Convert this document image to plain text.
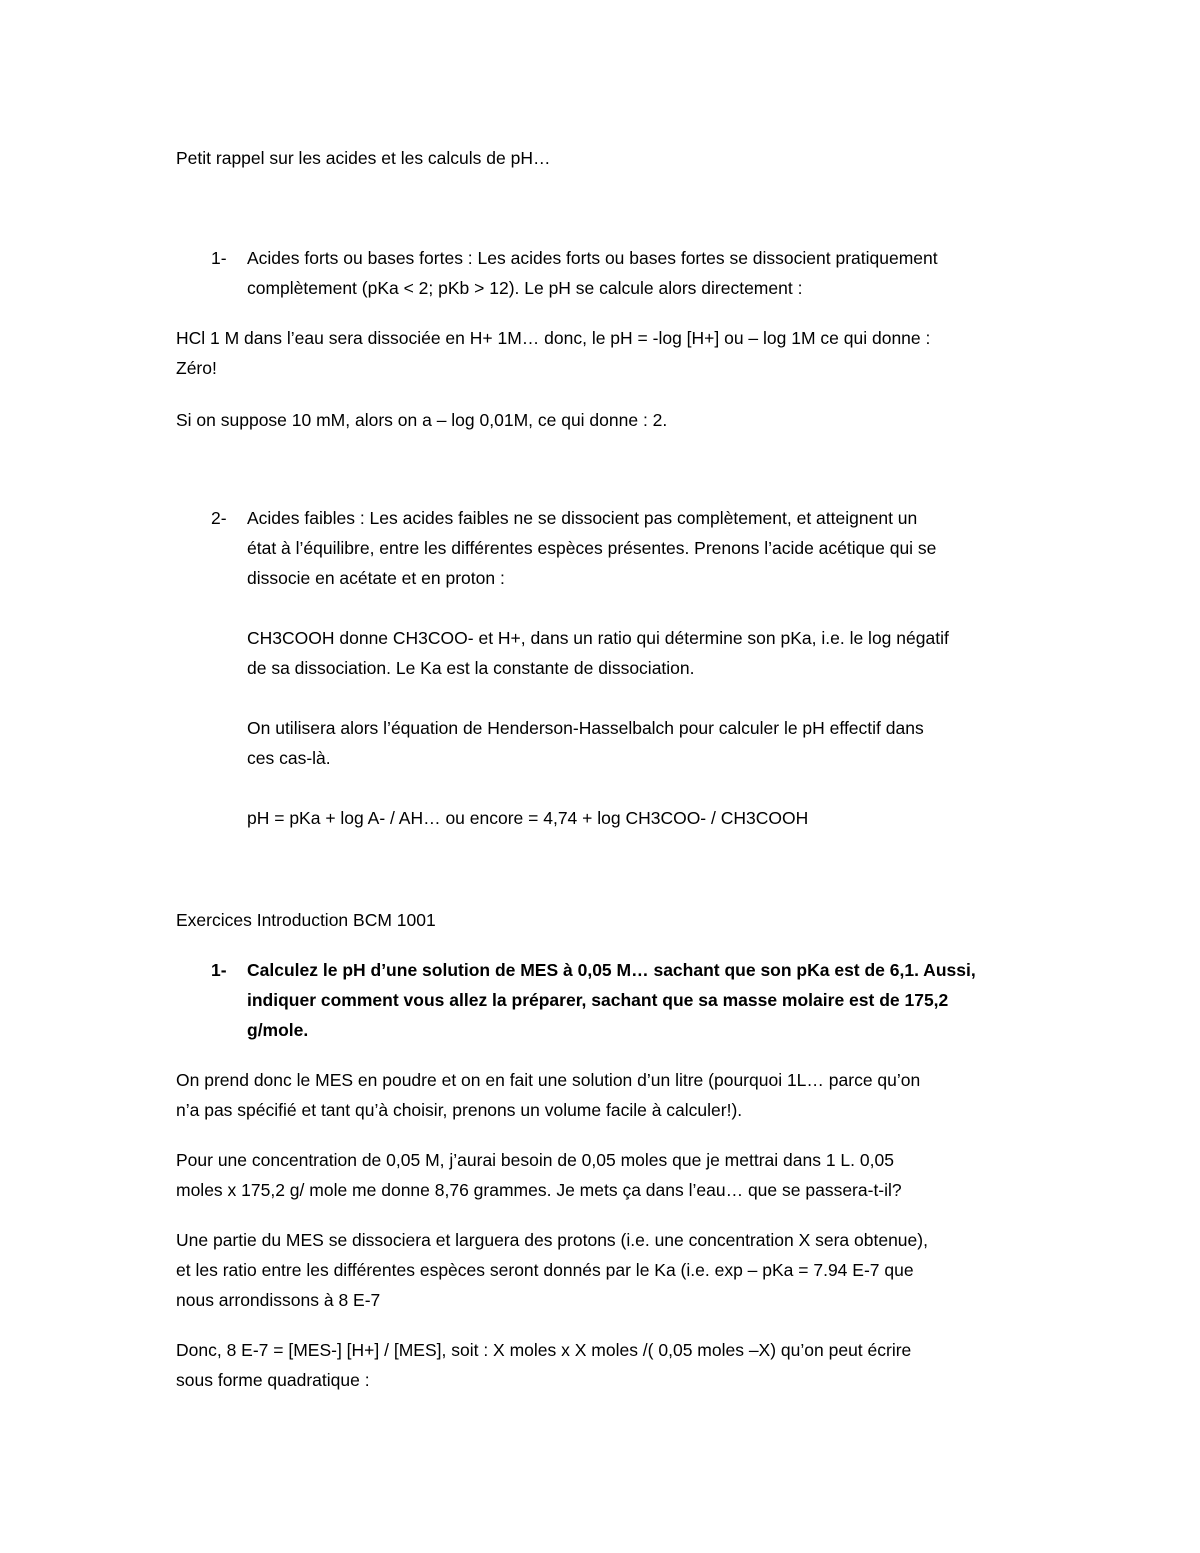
Petit rappel sur les acides et les calculs de pH…
1- Acides forts ou bases fortes : Les acides forts ou bases fortes se dissocient pratiquement
complètement (pKa < 2; pKb > 12). Le pH se calcule alors directement :
HCl 1 M dans l’eau sera dissociée en H+ 1M… donc, le pH = -log [H+] ou – log 1M ce qui donne :
Zéro!
Si on suppose 10 mM, alors on a – log 0,01M, ce qui donne : 2.
2- Acides faibles : Les acides faibles ne se dissocient pas complètement, et atteignent un
état à l’équilibre, entre les différentes espèces présentes. Prenons l’acide acétique qui se
dissocie en acétate et en proton :
CH3COOH donne CH3COO- et H+, dans un ratio qui détermine son pKa, i.e. le log négatif
de sa dissociation. Le Ka est la constante de dissociation.
On utilisera alors l’équation de Henderson-Hasselbalch pour calculer le pH effectif dans
ces cas-là.
pH = pKa + log A- / AH… ou encore = 4,74 + log CH3COO- / CH3COOH
Exercices Introduction BCM 1001
1- Calculez le pH d’une solution de MES à 0,05 M… sachant que son pKa est de 6,1. Aussi,
indiquer comment vous allez la préparer, sachant que sa masse molaire est de 175,2
g/mole.
On prend donc le MES en poudre et on en fait une solution d’un litre (pourquoi 1L… parce qu’on
n’a pas spécifié et tant qu’à choisir, prenons un volume facile à calculer!).
Pour une concentration de 0,05 M, j’aurai besoin de 0,05 moles que je mettrai dans 1 L. 0,05
moles x 175,2 g/ mole me donne 8,76 grammes. Je mets ça dans l’eau… que se passera-t-il?
Une partie du MES se dissociera et larguera des protons (i.e. une concentration X sera obtenue),
et les ratio entre les différentes espèces seront donnés par le Ka (i.e. exp – pKa = 7.94 E-7 que
nous arrondissons à 8 E-7
Donc, 8 E-7 = [MES-] [H+] / [MES], soit : X moles x X moles /( 0,05 moles –X) qu’on peut écrire
sous forme quadratique :
